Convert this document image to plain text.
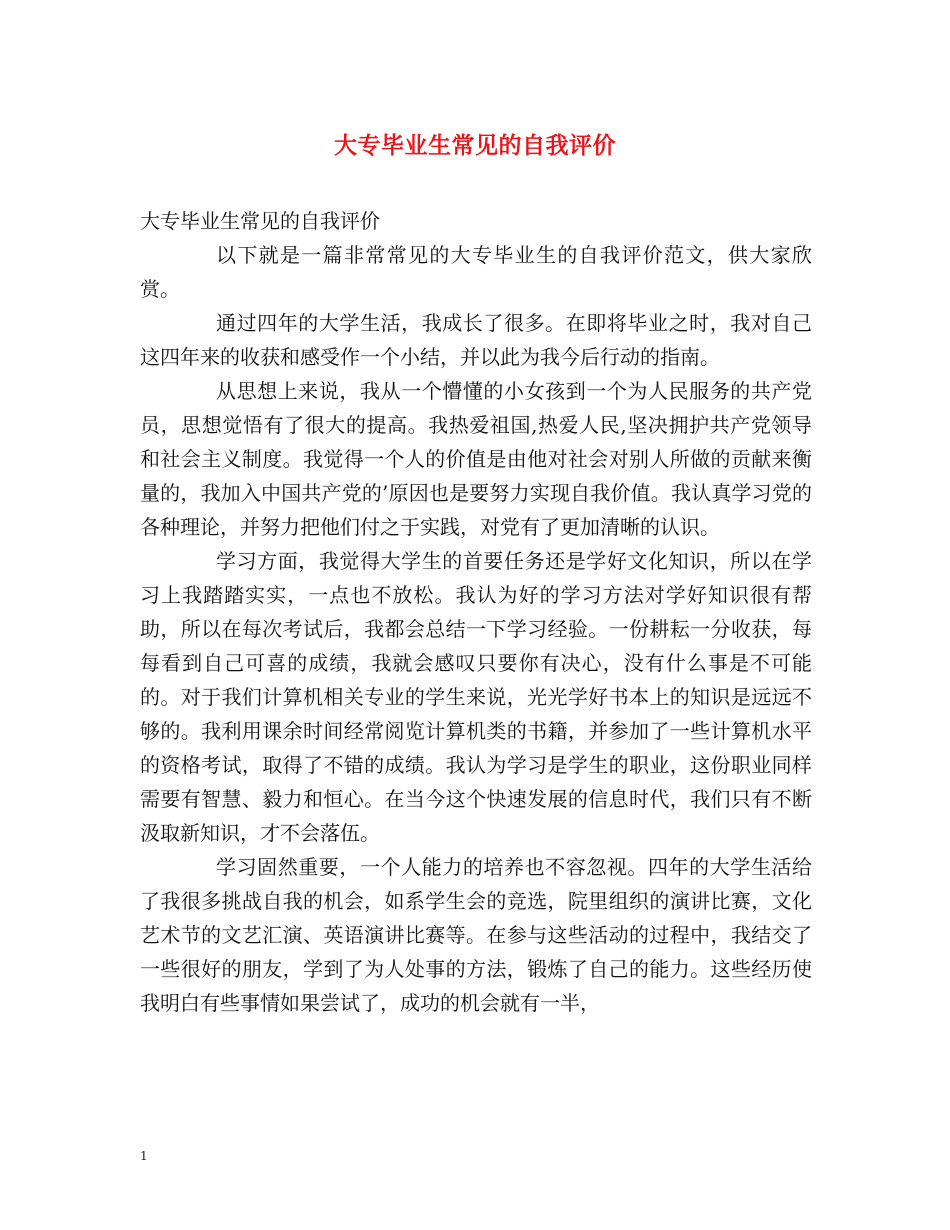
大专毕业生常见的自我评价

大专毕业生常见的自我评价

以下就是一篇非常常见的大专毕业生的自我评价范文，供大家欣赏。

通过四年的大学生活，我成长了很多。在即将毕业之时，我对自己这四年来的收获和感受作一个小结，并以此为我今后行动的指南。

从思想上来说，我从一个懵懂的小女孩到一个为人民服务的共产党员，思想觉悟有了很大的提高。我热爱祖国,热爱人民,坚决拥护共产党领导和社会主义制度。我觉得一个人的价值是由他对社会对别人所做的贡献来衡量的，我加入中国共产党的’原因也是要努力实现自我价值。我认真学习党的各种理论，并努力把他们付之于实践，对党有了更加清晰的认识。

学习方面，我觉得大学生的首要任务还是学好文化知识，所以在学习上我踏踏实实，一点也不放松。我认为好的学习方法对学好知识很有帮助，所以在每次考试后，我都会总结一下学习经验。一份耕耘一分收获，每每看到自己可喜的成绩，我就会感叹只要你有决心，没有什么事是不可能的。对于我们计算机相关专业的学生来说，光光学好书本上的知识是远远不够的。我利用课余时间经常阅览计算机类的书籍，并参加了一些计算机水平的资格考试，取得了不错的成绩。我认为学习是学生的职业，这份职业同样需要有智慧、毅力和恒心。在当今这个快速发展的信息时代，我们只有不断汲取新知识，才不会落伍。

学习固然重要，一个人能力的培养也不容忽视。四年的大学生活给了我很多挑战自我的机会，如系学生会的竞选，院里组织的演讲比赛，文化艺术节的文艺汇演、英语演讲比赛等。在参与这些活动的过程中，我结交了一些很好的朋友，学到了为人处事的方法，锻炼了自己的能力。这些经历使我明白有些事情如果尝试了，成功的机会就有一半，

1
